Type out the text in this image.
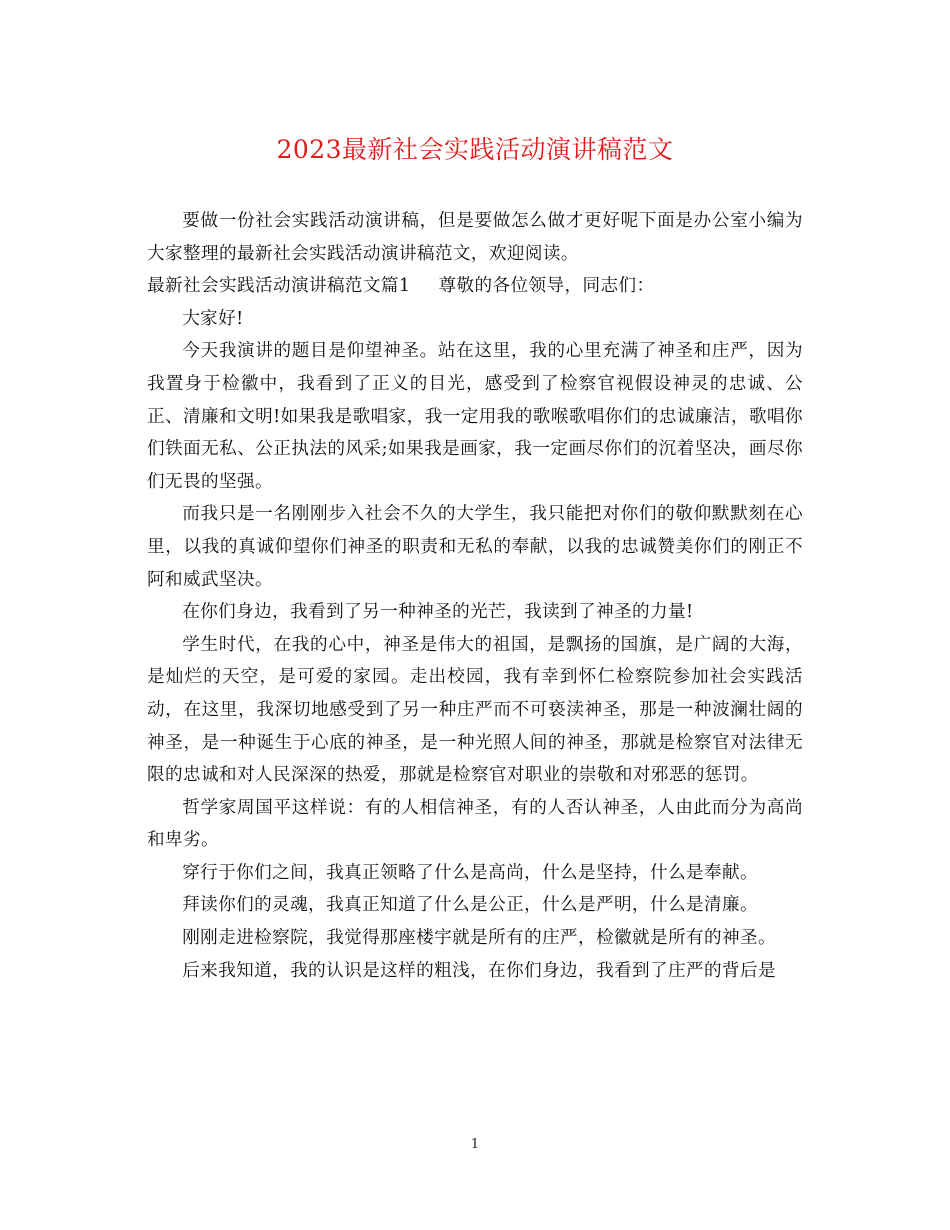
2023最新社会实践活动演讲稿范文

要做一份社会实践活动演讲稿，但是要做怎么做才更好呢下面是办公室小编为大家整理的最新社会实践活动演讲稿范文，欢迎阅读。

最新社会实践活动演讲稿范文篇1 尊敬的各位领导，同志们：

大家好!

今天我演讲的题目是仰望神圣。站在这里，我的心里充满了神圣和庄严，因为我置身于检徽中，我看到了正义的目光，感受到了检察官视假设神灵的忠诚、公正、清廉和文明!如果我是歌唱家，我一定用我的歌喉歌唱你们的忠诚廉洁，歌唱你们铁面无私、公正执法的风采;如果我是画家，我一定画尽你们的沉着坚决，画尽你们无畏的坚强。

而我只是一名刚刚步入社会不久的大学生，我只能把对你们的敬仰默默刻在心里，以我的真诚仰望你们神圣的职责和无私的奉献，以我的忠诚赞美你们的刚正不阿和威武坚决。

在你们身边，我看到了另一种神圣的光芒，我读到了神圣的力量!

学生时代，在我的心中，神圣是伟大的祖国，是飘扬的国旗，是广阔的大海，是灿烂的天空，是可爱的家园。走出校园，我有幸到怀仁检察院参加社会实践活动，在这里，我深切地感受到了另一种庄严而不可亵渎神圣，那是一种波澜壮阔的神圣，是一种诞生于心底的神圣，是一种光照人间的神圣，那就是检察官对法律无限的忠诚和对人民深深的热爱，那就是检察官对职业的崇敬和对邪恶的惩罚。

哲学家周国平这样说：有的人相信神圣，有的人否认神圣，人由此而分为高尚和卑劣。

穿行于你们之间，我真正领略了什么是高尚，什么是坚持，什么是奉献。

拜读你们的灵魂，我真正知道了什么是公正，什么是严明，什么是清廉。

刚刚走进检察院，我觉得那座楼宇就是所有的庄严，检徽就是所有的神圣。

后来我知道，我的认识是这样的粗浅，在你们身边，我看到了庄严的背后是

1
